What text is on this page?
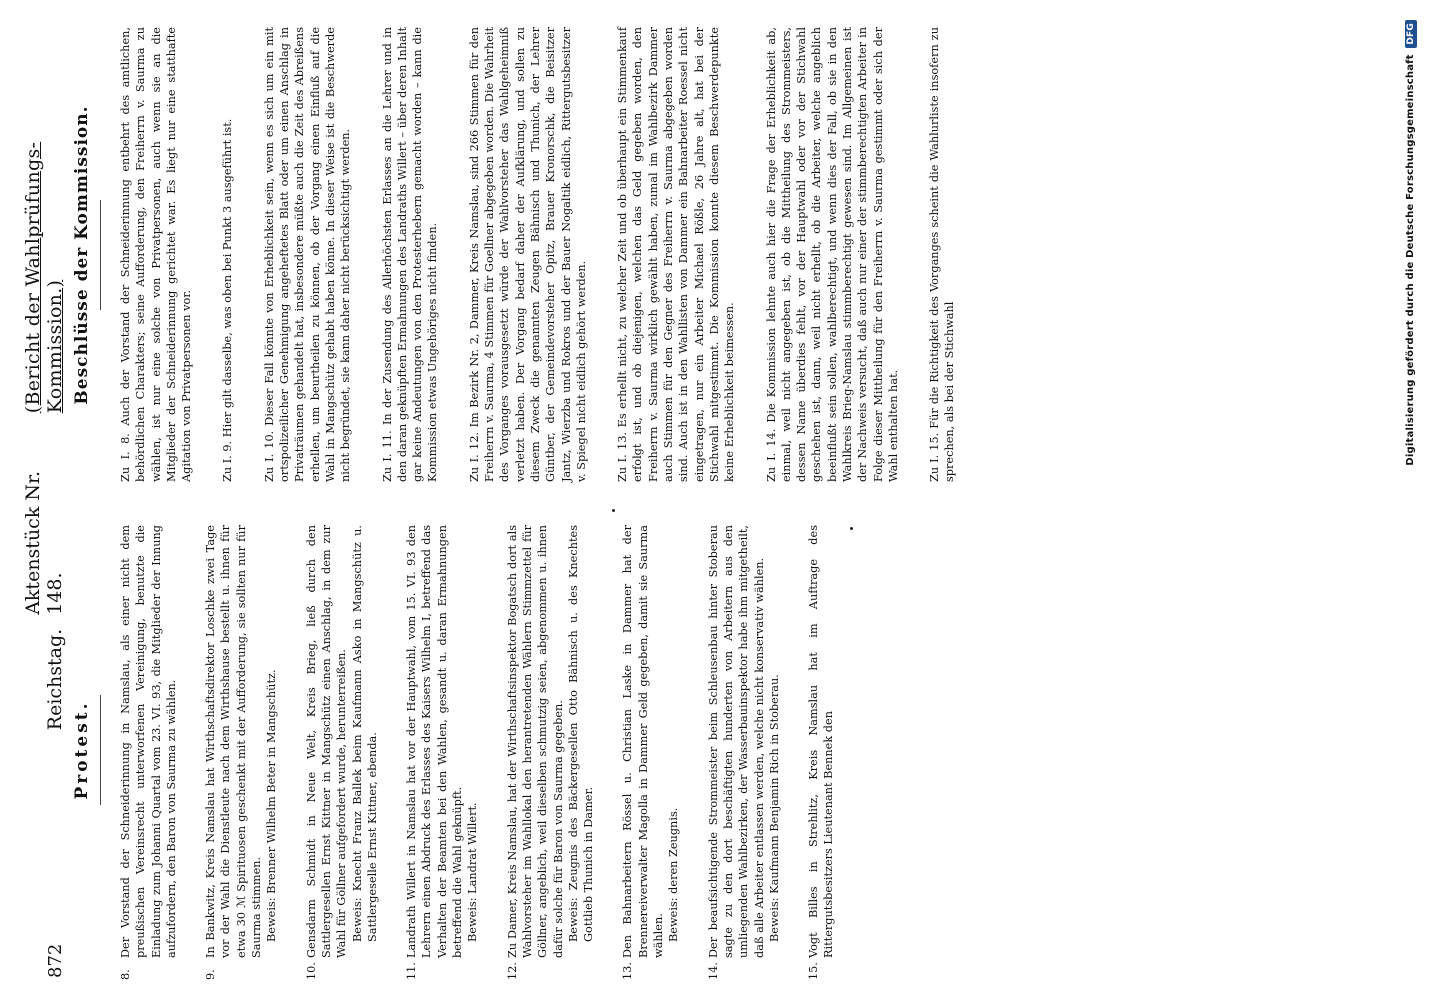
872
Reichstag.
Aktenstück Nr. 148.
(Bericht der Wahlprüfungs-Kommission.)
Protest.
Beschlüsse der Kommission.
8.
Der Vorstand der Schneiderinnung in Namslau, als einer nicht dem preußischen Vereinsrecht unterworfenen Vereinigung, benutzte die Einladung zum Johanni Quartal vom 23. VI. 93, die Mitglieder der Innung aufzufordern, den Baron von Saurma zu wählen.
9.
In Bankwitz, Kreis Namslau hat Wirthschaftsdirektor Loschke zwei Tage vor der Wahl die Dienstleute nach dem Wirthshause bestellt u. ihnen für etwa 30 ℳ Spirituosen geschenkt mit der Aufforderung, sie sollten nur für Saurma stimmen. Beweis: Brenner Wilhelm Beter in Mangschütz.
10.
Gensdarm Schmidt in Neue Welt, Kreis Brieg, ließ durch den Sattlergesellen Ernst Kittner in Mangschütz einen Anschlag, in dem zur Wahl für Göllner aufgefordert wurde, herunterreißen. Beweis: Knecht Franz Ballek beim Kaufmann Asko in Mangschütz u. Sattlergeselle Ernst Kittner, ebenda.
11.
Landrath Willert in Namslau hat vor der Hauptwahl, vom 15. VI. 93 den Lehrern einen Abdruck des Erlasses des Kaisers Wilhelm I, betreffend das Verhalten der Beamten bei den Wahlen, gesandt u. daran Ermahnungen betreffend die Wahl geknüpft. Beweis: Landrat Willert.
12.
Zu Damer, Kreis Namslau, hat der Wirthschaftsinspektor Bogatsch dort als Wahlvorsteher im Wahllokal den herantretenden Wählern Stimmzettel für Göllner, angeblich, weil dieselben schmutzig seien, abgenommen u. ihnen dafür solche für Baron von Saurma gegeben. Beweis: Zeugnis des Bäckergesellen Otto Bähnisch u. des Knechtes Gottlieb Thunich in Damer.
13.
Den Bahnarbeitern Rössel u. Christian Laske in Dammer hat der Brennereiverwalter Magolla in Dammer Geld gegeben, damit sie Saurma wählen. Beweis: deren Zeugnis.
14.
Der beaufsichtigende Strommeister beim Schleusenbau hinter Stoberau sagte zu den dort beschäftigten hunderten von Arbeitern aus den umliegenden Wahlbezirken, der Wasserbauinspektor habe ihm mitgetheilt, daß alle Arbeiter entlassen werden, welche nicht konservativ wählen. Beweis: Kaufmann Benjamin Rich in Stoberau.
15.
Vogt Billes in Strehlitz, Kreis Namslau hat im Auftrage des Rittergutsbesitzers Lieutenant Bennek den
Zu I. 8. Auch der Vorstand der Schneiderinnung entbehrt des amtlichen, behördlichen Charakters; seine Aufforderung, den Freiherrn v. Saurma zu wählen, ist nur eine solche von Privatpersonen, auch wenn sie an die Mitglieder der Schneiderinnung gerichtet war. Es liegt nur eine statthafte Agitation von Privatpersonen vor.	Zu I. 9. Hier gilt dasselbe, was oben bei Punkt 3 ausgeführt ist.	Zu I. 10. Dieser Fall könnte von Erheblichkeit sein, wenn es sich um ein mit ortspolizeilicher Genehmigung angeheftetes Blatt oder um einen Anschlag in Privaträumen gehandelt hat, insbesondere müßte auch die Zeit des Abreißens erhellen, um beurtheilen zu können, ob der Vorgang einen Einfluß auf die Wahl in Mangschütz gehabt haben könne. In dieser Weise ist die Beschwerde nicht begründet, sie kann daher nicht berücksichtigt werden.	Zu I. 11. In der Zusendung des Allerhöchsten Erlasses an die Lehrer und in den daran geknüpften Ermahnungen des Landraths Willert – über deren Inhalt gar keine Andeutungen von den Protesterhebern gemacht worden – kann die Kommission etwas Ungehöriges nicht finden.	Zu I. 12. Im Bezirk Nr. 2, Dammer, Kreis Namslau, sind 266 Stimmen für den Freiherrn v. Saurma, 4 Stimmen für Goellner abgegeben worden. Die Wahrheit des Vorganges vorausgesetzt würde der Wahlvorsteher das Wahlgeheimniß verletzt haben. Der Vorgang bedarf daher der Aufklärung, und sollen zu diesem Zweck die genannten Zeugen Bähnisch und Thunich, der Lehrer Güntber, der Gemeindevorsteher Opitz, Brauer Kronorschk, die Beisitzer Jantz, Wierzba und Rokros und der Bauer Nogaltik eidlich, Rittergutsbesitzer v. Spiegel nicht eidlich gehört werden.	Zu I. 13. Es erhellt nicht, zu welcher Zeit und ob überhaupt ein Stimmenkauf erfolgt ist, und ob diejenigen, welchen das Geld gegeben worden, den Freiherrn v. Saurma wirklich gewählt haben, zumal im Wahlbezirk Dammer auch Stimmen für den Gegner des Freiherrn v. Saurma abgegeben worden sind. Auch ist in den Wahllisten von Dammer ein Bahnarbeiter Roessel nicht eingetragen, nur ein Arbeiter Michael Rößle, 26 Jahre alt, hat bei der Stichwahl mitgestimmt. Die Kommission konnte diesem Beschwerdepunkte keine Erheblichkeit beimessen.	Zu I. 14. Die Kommission lehnte auch hier die Frage der Erheblichkeit ab, einmal, weil nicht angegeben ist, ob die Mittheilung des Strommeisters, dessen Name überdies fehlt, vor der Hauptwahl oder vor der Stichwahl geschehen ist, dann, weil nicht erhellt, ob die Arbeiter, welche angeblich beeinflußt sein sollen, wahlberechtigt, und wenn dies der Fall, ob sie in den Wahlkreis Brieg-Namslau stimmberechtigt gewesen sind. Im Allgemeinen ist der Nachweis versucht, daß auch nur einer der stimmberechtigten Arbeiter in Folge dieser Mittheilung für den Freiherrn v. Saurma gestimmt oder sich der Wahl enthalten hat.	Zu I. 15. Für die Richtigkeit des Vorganges scheint die Wahlurliste insofern zu sprechen, als bei der Stichwahl	Digitalisierung gefördert durch die Deutsche Forschungsgemeinschaft DFG
